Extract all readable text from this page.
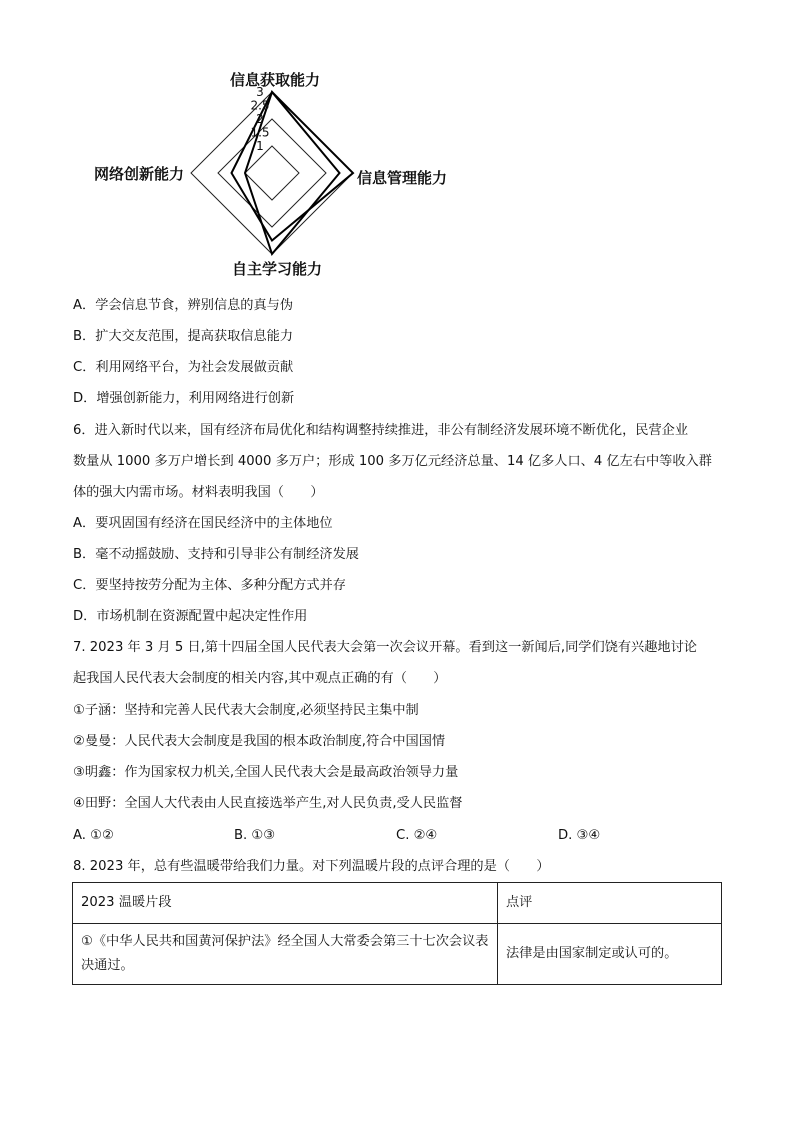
1
1.5
2
2.5
3
信息获取能力
信息管理能力
自主学习能力
网络创新能力
A．学会信息节食，辨别信息的真与伪
B．扩大交友范围，提高获取信息能力
C．利用网络平台，为社会发展做贡献
D．增强创新能力，利用网络进行创新
6．进入新时代以来，国有经济布局优化和结构调整持续推进，非公有制经济发展环境不断优化，民营企业
数量从 1000 多万户增长到 4000 多万户；形成 100 多万亿元经济总量、14 亿多人口、4 亿左右中等收入群
体的强大内需市场。材料表明我国（　　）
A．要巩固国有经济在国民经济中的主体地位
B．毫不动摇鼓励、支持和引导非公有制经济发展
C．要坚持按劳分配为主体、多种分配方式并存
D．市场机制在资源配置中起决定性作用
7. 2023 年 3 月 5 日,第十四届全国人民代表大会第一次会议开幕。看到这一新闻后,同学们饶有兴趣地讨论
起我国人民代表大会制度的相关内容,其中观点正确的有（　　）
①子涵：坚持和完善人民代表大会制度,必须坚持民主集中制
②曼曼：人民代表大会制度是我国的根本政治制度,符合中国国情
③明鑫：作为国家权力机关,全国人民代表大会是最高政治领导力量
④田野：全国人大代表由人民直接选举产生,对人民负责,受人民监督
A. ①②	B. ①③	C. ②④	D. ③④
8. 2023 年，总有些温暖带给我们力量。对下列温暖片段的点评合理的是（　　）
2023 温暖片段	点评
①《中华人民共和国黄河保护法》经全国人大常委会第三十七次会议表决通过。	法律是由国家制定或认可的。
